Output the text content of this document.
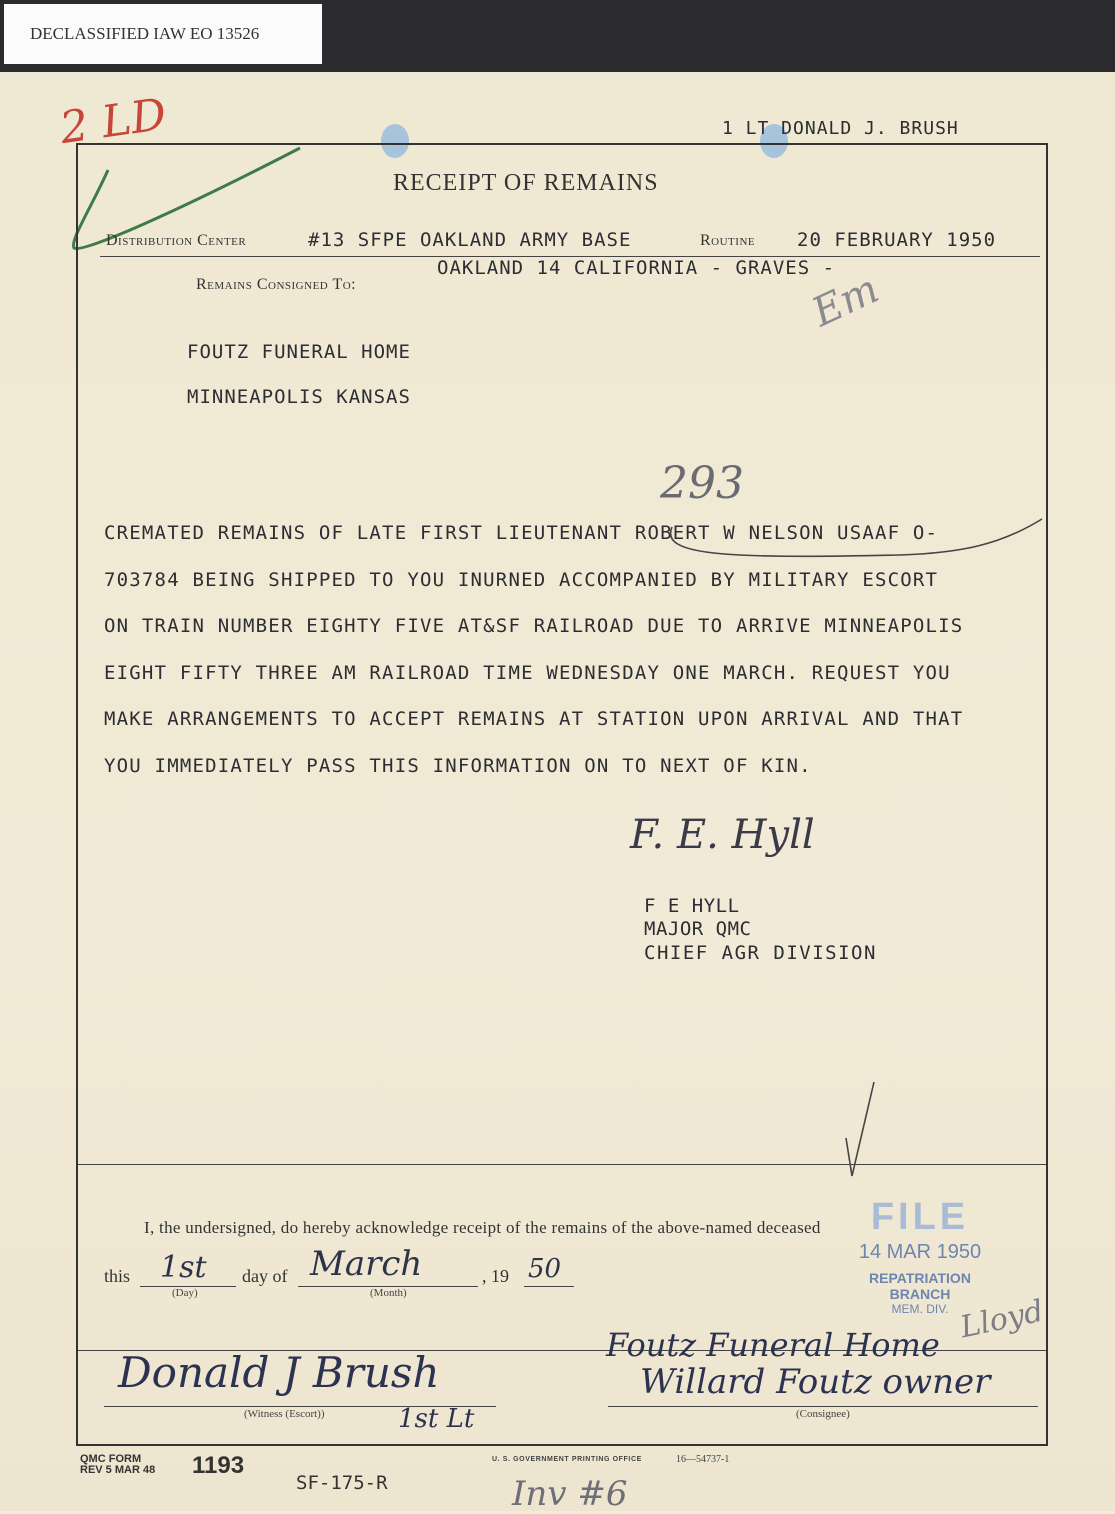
DECLASSIFIED IAW EO 13526
2 LD	1 LT DONALD J. BRUSH
RECEIPT OF REMAINS
Distribution Center	#13 SFPE OAKLAND ARMY BASE	Routine 20 FEBRUARY 1950
OAKLAND 14 CALIFORNIA - GRAVES -
Remains Consigned To:	Em
FOUTZ FUNERAL HOME
MINNEAPOLIS KANSAS
293
CREMATED REMAINS OF LATE FIRST LIEUTENANT ROBERT W NELSON USAAF O-
703784 BEING SHIPPED TO YOU INURNED ACCOMPANIED BY MILITARY ESCORT
ON TRAIN NUMBER EIGHTY FIVE AT&SF RAILROAD DUE TO ARRIVE MINNEAPOLIS
EIGHT FIFTY THREE AM RAILROAD TIME WEDNESDAY ONE MARCH. REQUEST YOU
MAKE ARRANGEMENTS TO ACCEPT REMAINS AT STATION UPON ARRIVAL AND THAT
YOU IMMEDIATELY PASS THIS INFORMATION ON TO NEXT OF KIN.
F. E. Hyll
F E HYLL
MAJOR QMC
CHIEF AGR DIVISION
I, the undersigned, do hereby acknowledge receipt of the remains of the above-named deceased
this 1st
(Day)
day of March
(Month)
, 19 50
FILE
14 MAR 1950
REPATRIATION
BRANCH
MEM. DIV. Lloyd
Donald J Brush
(Witness (Escort))	1st Lt
Foutz Funeral Home
Willard Foutz owner
(Consignee)
QMC FORM
REV 5 MAR 48 1193
SF-175-R
U. S. GOVERNMENT PRINTING OFFICE	16—54737-1
Inv #6
